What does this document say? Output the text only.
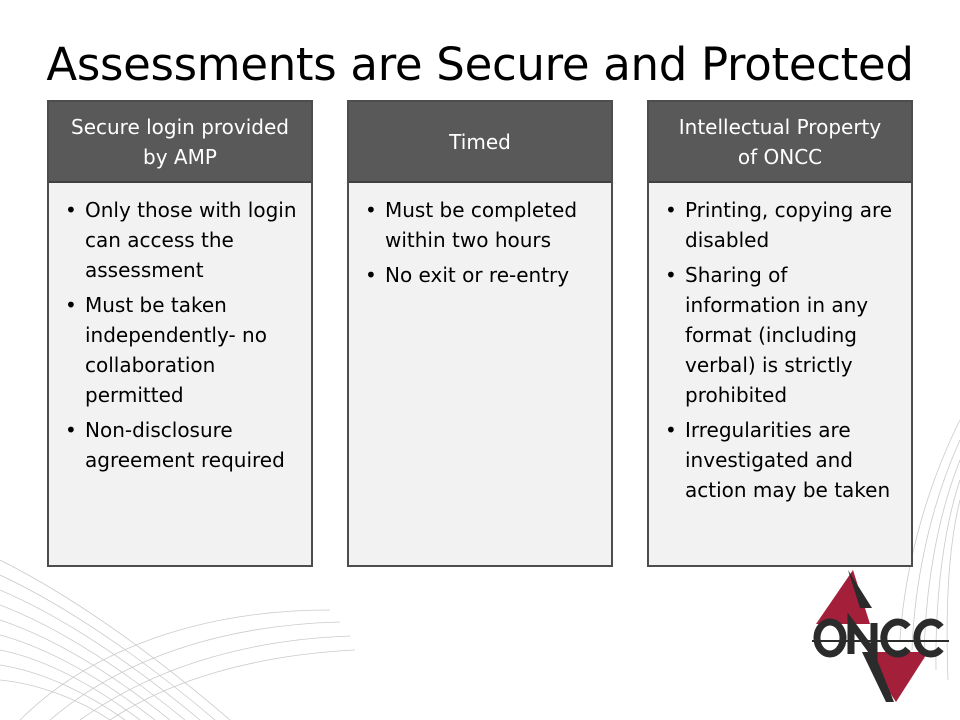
Assessments are Secure and Protected
Secure login provided by AMP
• Only those with login can access the assessment
• Must be taken independently- no collaboration permitted
• Non-disclosure agreement required
Timed
• Must be completed within two hours
• No exit or re-entry
Intellectual Property of ONCC
• Printing, copying are disabled
• Sharing of information in any format (including verbal) is strictly prohibited
• Irregularities are investigated and action may be taken
